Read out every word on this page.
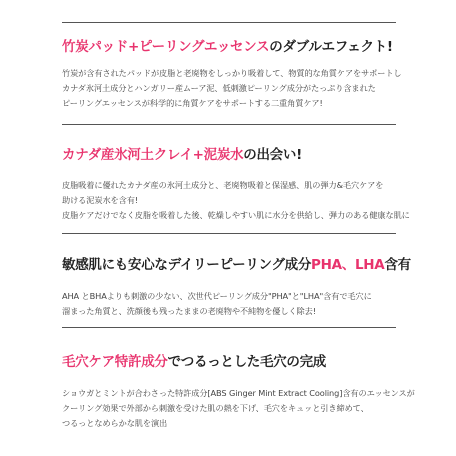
竹炭パッド+ピーリングエッセンスのダブルエフェクト!
竹炭が含有されたパッドが皮脂と老廃物をしっかり吸着して、物質的な角質ケアをサポートし
カナダ氷河土成分とハンガリー産ムーア泥、低刺激ピーリング成分がたっぷり含まれた
ピーリングエッセンスが科学的に角質ケアをサポートする二重角質ケア!
カナダ産氷河土クレイ+泥炭水の出会い!
皮脂吸着に優れたカナダ産の氷河土成分と、老廃物吸着と保湿感、肌の弾力&毛穴ケアを
助ける泥炭水を含有!
皮脂ケアだけでなく皮脂を吸着した後、乾燥しやすい肌に水分を供給し、弾力のある健康な肌に
敏感肌にも安心なデイリーピーリング成分PHA、LHA含有
AHA とBHAよりも刺激の少ない、次世代ピーリング成分"PHA"と"LHA"含有で毛穴に
溜まった角質と、洗顔後も残ったままの老廃物や不純物を優しく除去!
毛穴ケア特許成分でつるっとした毛穴の完成
ショウガとミントが合わさった特許成分[ABS Ginger Mint Extract Cooling]含有のエッセンスが
クーリング効果で外部から刺激を受けた肌の熱を下げ、毛穴をキュッと引き締めて、
つるっとなめらかな肌を演出
